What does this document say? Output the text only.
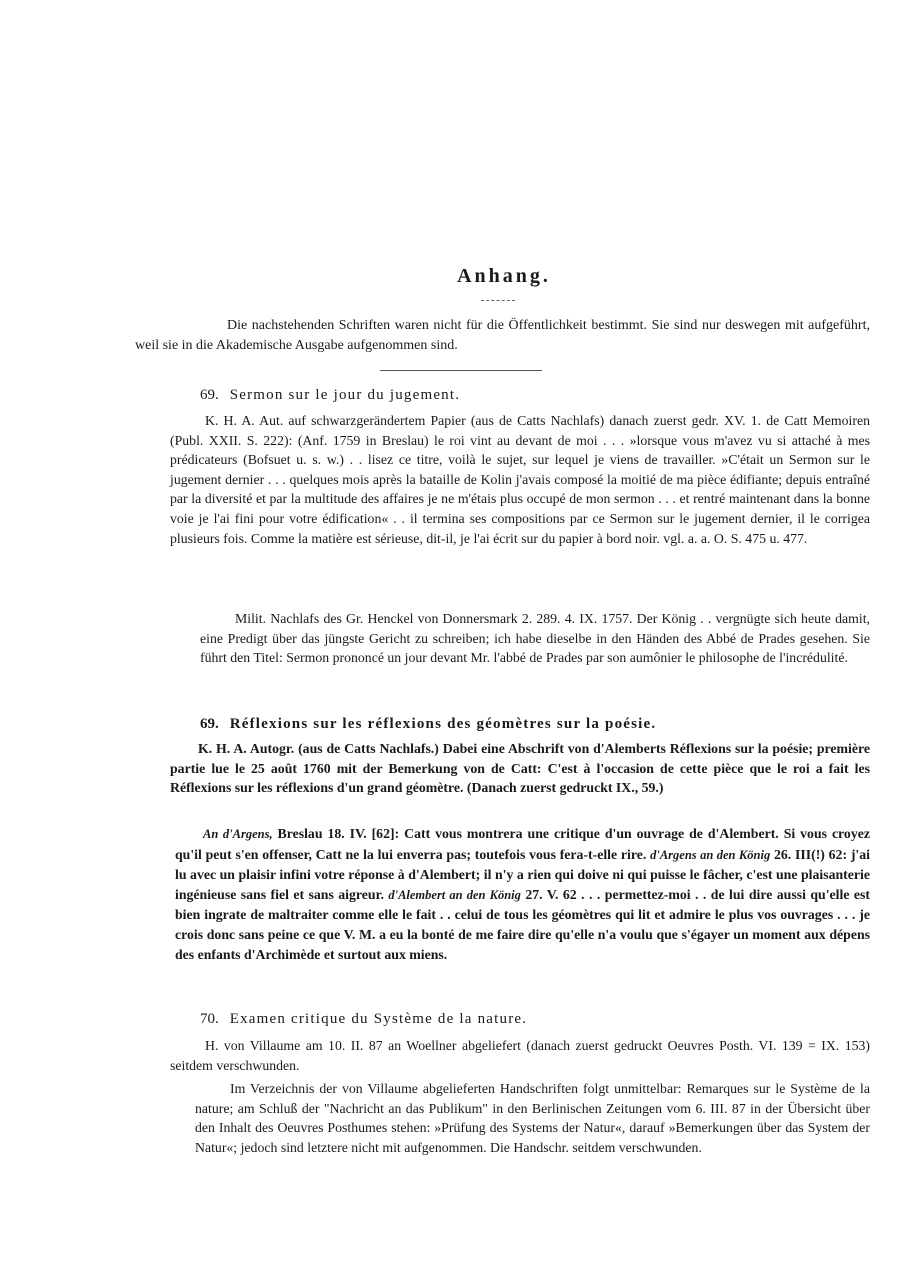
Anhang.
Die nachstehenden Schriften waren nicht für die Öffentlichkeit bestimmt. Sie sind nur deswegen mit aufgeführt, weil sie in die Akademische Ausgabe aufgenommen sind.
69. Sermon sur le jour du jugement.
K. H. A. Aut. auf schwarzgerändertem Papier (aus de Catts Nachlafs) danach zuerst gedr. XV. 1. de Catt Memoiren (Publ. XXII. S. 222): (Anf. 1759 in Breslau) le roi vint au devant de moi . . . »lorsque vous m'avez vu si attaché à mes prédicateurs (Bofsuet u. s. w.) . . lisez ce titre, voilà le sujet, sur lequel je viens de travailler. »C'était un Sermon sur le jugement dernier . . . quelques mois après la bataille de Kolin j'avais composé la moitié de ma pièce édifiante; depuis entraîné par la diversité et par la multitude des affaires je ne m'étais plus occupé de mon sermon . . . et rentré maintenant dans la bonne voie je l'ai fini pour votre édification« . . il termina ses compositions par ce Sermon sur le jugement dernier, il le corrigea plusieurs fois. Comme la matière est sérieuse, dit-il, je l'ai écrit sur du papier à bord noir. vgl. a. a. O. S. 475 u. 477.
Milit. Nachlafs des Gr. Henckel von Donnersmark 2. 289. 4. IX. 1757. Der König . . vergnügte sich heute damit, eine Predigt über das jüngste Gericht zu schreiben; ich habe dieselbe in den Händen des Abbé de Prades gesehen. Sie führt den Titel: Sermon prononcé un jour devant Mr. l'abbé de Prades par son aumônier le philosophe de l'incrédulité.
69. Réflexions sur les réflexions des géomètres sur la poésie.
K. H. A. Autogr. (aus de Catts Nachlafs.) Dabei eine Abschrift von d'Alemberts Réflexions sur la poésie; première partie lue le 25 août 1760 mit der Bemerkung von de Catt: C'est à l'occasion de cette pièce que le roi a fait les Réflexions sur les réflexions d'un grand géomètre. (Danach zuerst gedruckt IX., 59.)
An d'Argens, Breslau 18. IV. [62]: Catt vous montrera une critique d'un ouvrage de d'Alembert. Si vous croyez qu'il peut s'en offenser, Catt ne la lui enverra pas; toutefois vous fera-t-elle rire. d'Argens an den König 26. III(!) 62: j'ai lu avec un plaisir infini votre réponse à d'Alembert; il n'y a rien qui doive ni qui puisse le fâcher, c'est une plaisanterie ingénieuse sans fiel et sans aigreur. d'Alembert an den König 27. V. 62 . . . permettez-moi . . de lui dire aussi qu'elle est bien ingrate de maltraiter comme elle le fait . . celui de tous les géomètres qui lit et admire le plus vos ouvrages . . . je crois donc sans peine ce que V. M. a eu la bonté de me faire dire qu'elle n'a voulu que s'égayer un moment aux dépens des enfants d'Archimède et surtout aux miens.
70. Examen critique du Système de la nature.
H. von Villaume am 10. II. 87 an Woellner abgeliefert (danach zuerst gedruckt Oeuvres Posth. VI. 139 = IX. 153) seitdem verschwunden.
Im Verzeichnis der von Villaume abgelieferten Handschriften folgt unmittelbar: Remarques sur le Système de la nature; am Schluß der "Nachricht an das Publikum" in den Berlinischen Zeitungen vom 6. III. 87 in der Übersicht über den Inhalt des Oeuvres Posthumes stehen: »Prüfung des Systems der Natur«, darauf »Bemerkungen über das System der Natur«; jedoch sind letztere nicht mit aufgenommen. Die Handschr. seitdem verschwunden.
